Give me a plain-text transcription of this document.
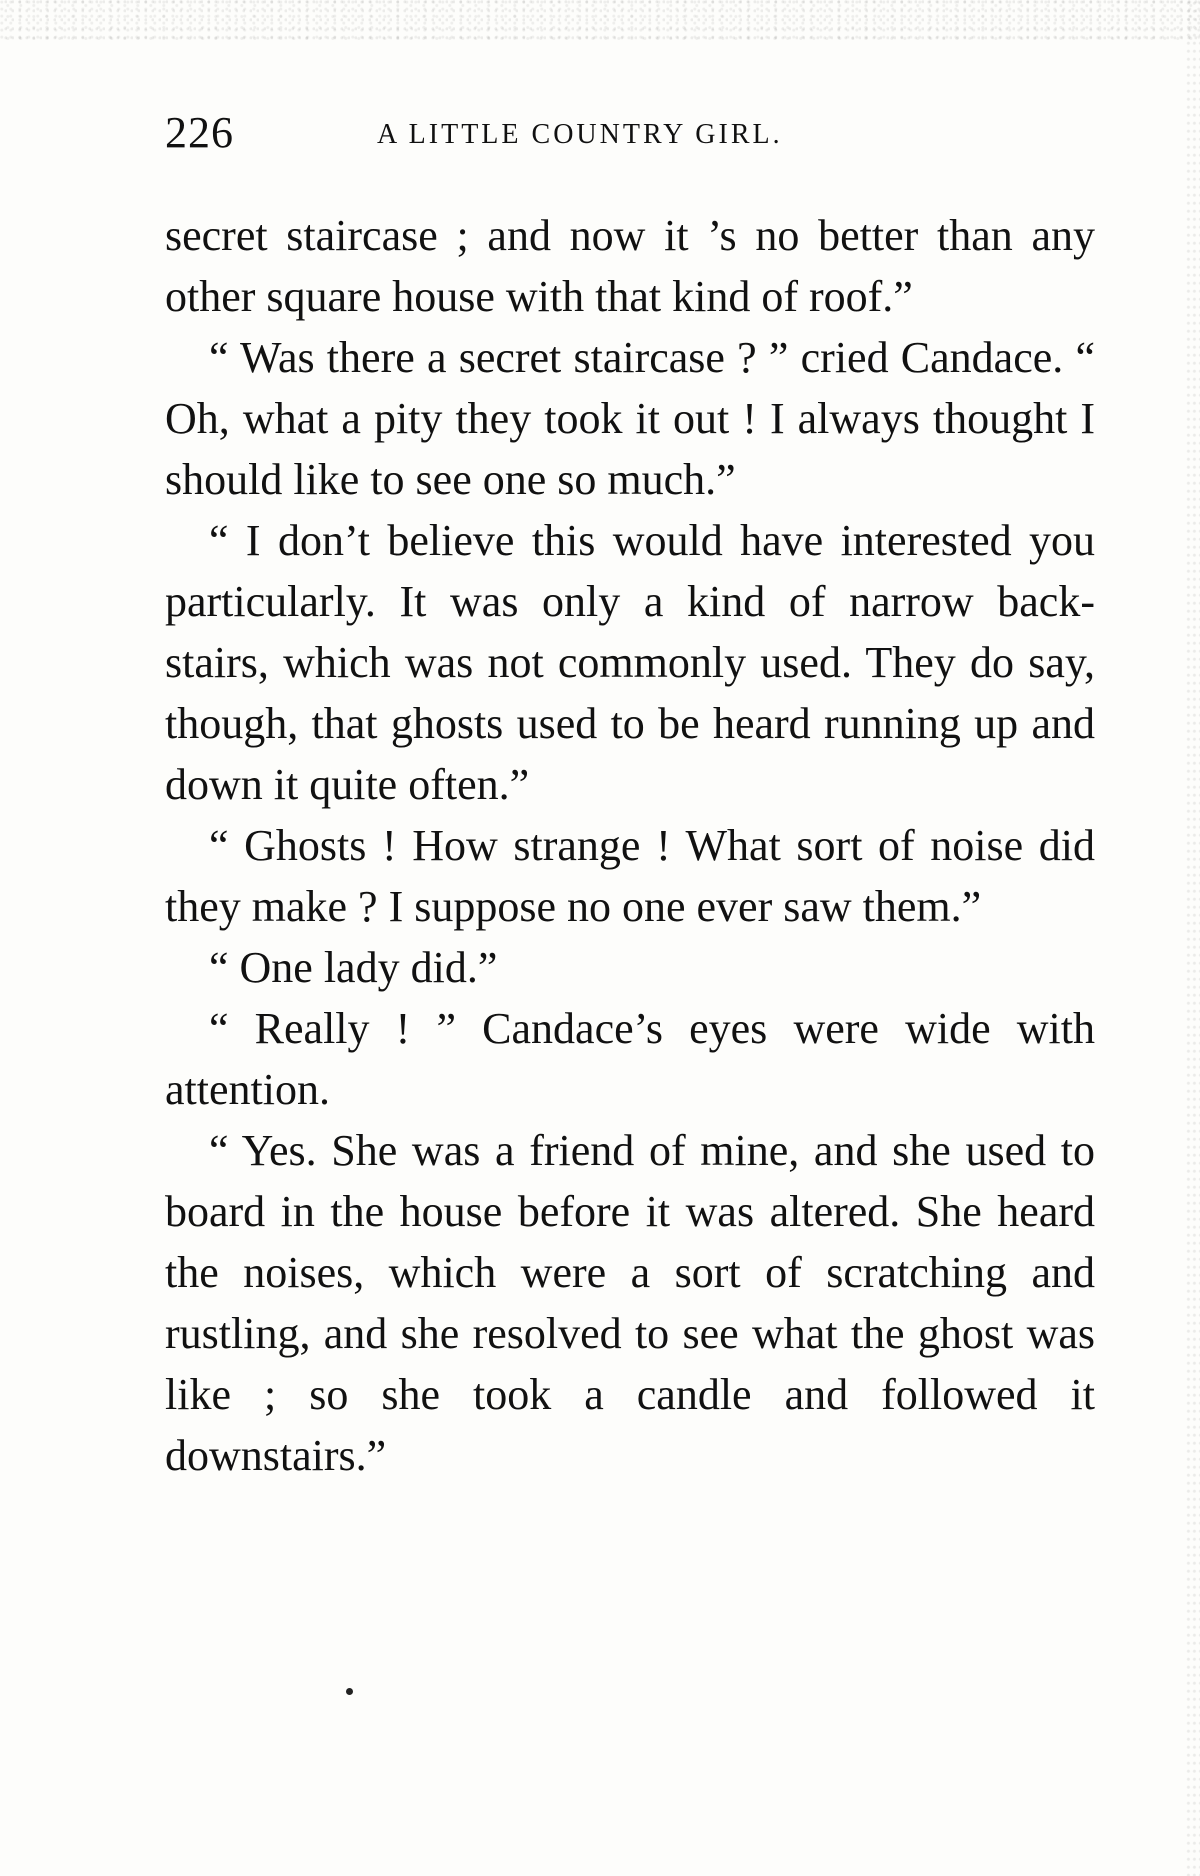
226	A LITTLE COUNTRY GIRL.

secret staircase ; and now it ’s no better than any other square house with that kind of roof.”

“ Was there a secret staircase ? ” cried Candace. “ Oh, what a pity they took it out ! I always thought I should like to see one so much.”

“ I don’t believe this would have interested you particularly. It was only a kind of narrow back-stairs, which was not commonly used. They do say, though, that ghosts used to be heard running up and down it quite often.”

“ Ghosts ! How strange ! What sort of noise did they make ? I suppose no one ever saw them.”

“ One lady did.”

“ Really ! ” Candace’s eyes were wide with attention.

“ Yes. She was a friend of mine, and she used to board in the house before it was altered. She heard the noises, which were a sort of scratching and rustling, and she resolved to see what the ghost was like ; so she took a candle and followed it downstairs.”
